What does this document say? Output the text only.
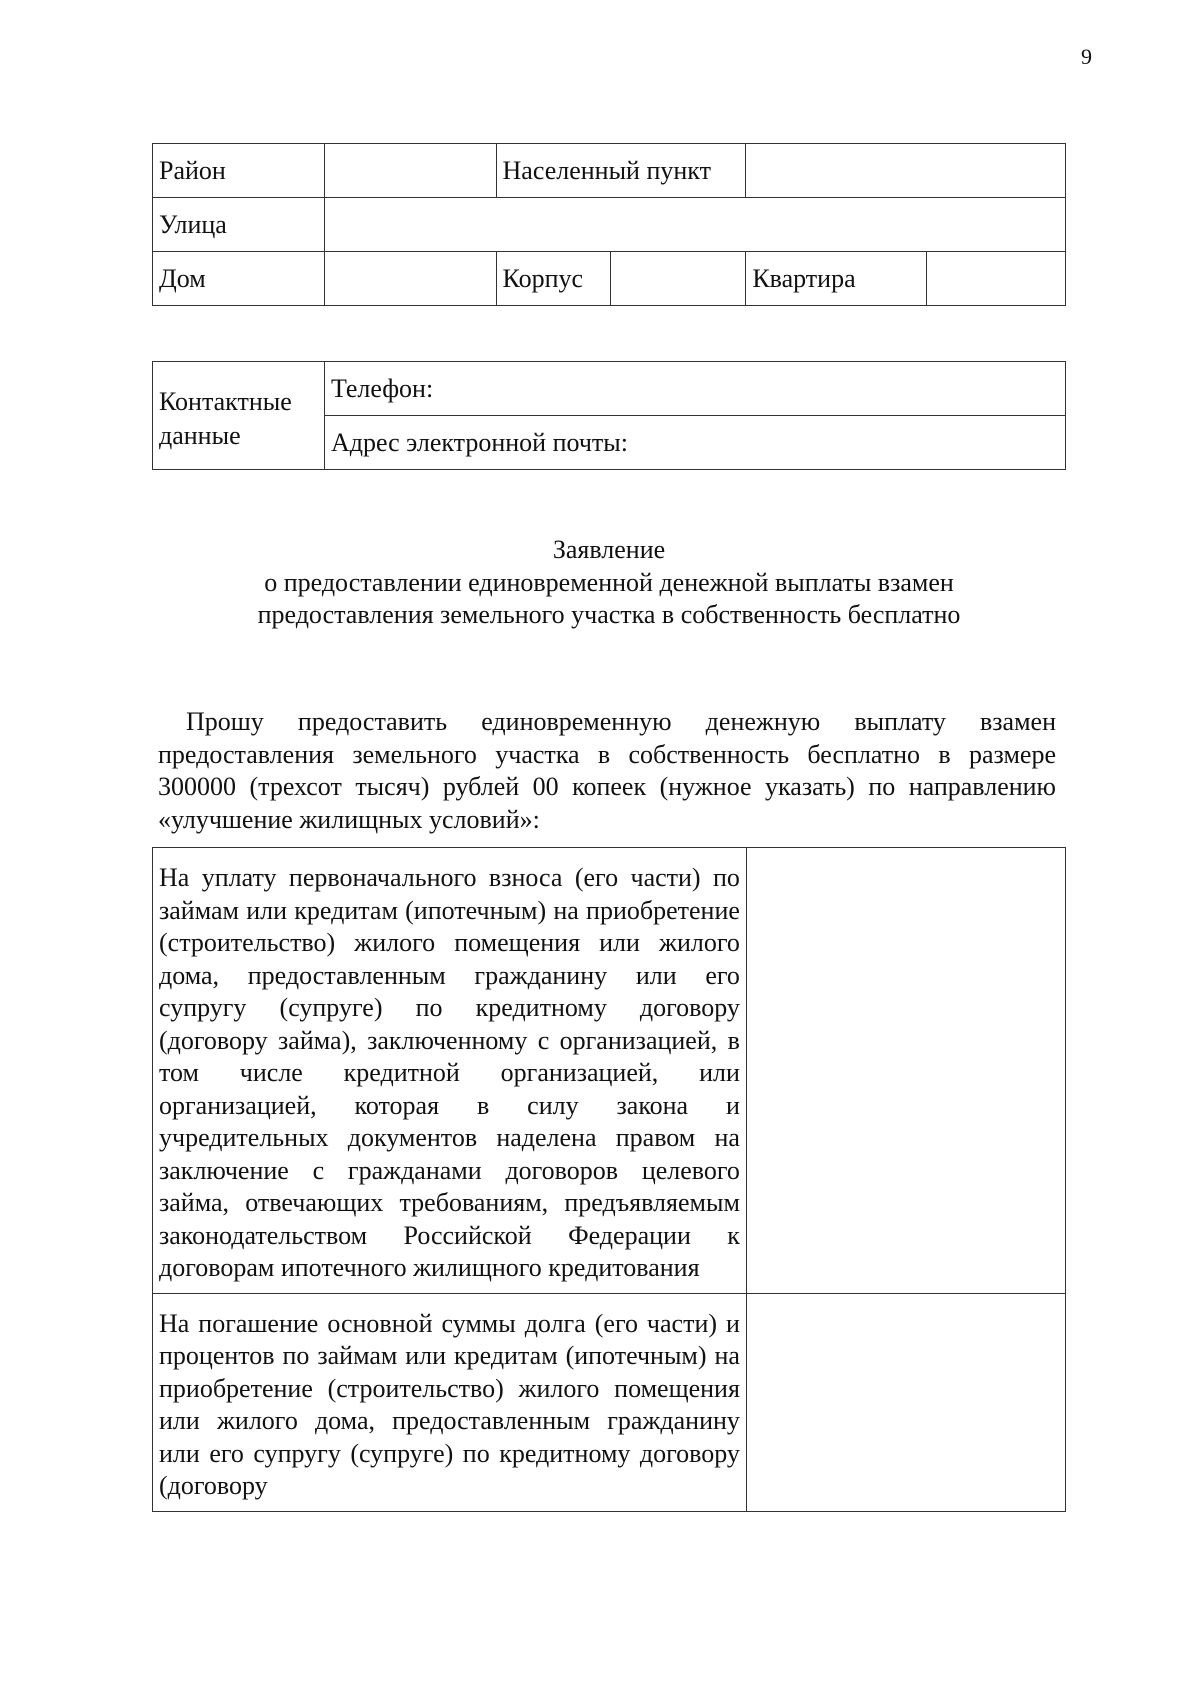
9
Район		Населенный пункт			
Улица					
Дом		Корпус		Квартира	
Контактные данные	Телефон:
Адрес электронной почты:
Заявление
о предоставлении единовременной денежной выплаты взамен
предоставления земельного участка в собственность бесплатно

Прошу предоставить единовременную денежную выплату взамен предоставления земельного участка в собственность бесплатно в размере 300000 (трехсот тысяч) рублей 00 копеек (нужное указать) по направлению «улучшение жилищных условий»:

На уплату первоначального взноса (его части) по займам или кредитам (ипотечным) на приобретение (строительство) жилого помещения или жилого дома, предоставленным гражданину или его супругу (супруге) по кредитному договору (договору займа), заключенному с организацией, в том числе кредитной организацией, или организацией, которая в силу закона и учредительных документов наделена правом на заключение с гражданами договоров целевого займа, отвечающих требованиям, предъявляемым законодательством Российской Федерации к договорам ипотечного жилищного кредитования	
На погашение основной суммы долга (его части) и процентов по займам или кредитам (ипотечным) на приобретение (строительство) жилого помещения или жилого дома, предоставленным гражданину или его супругу (супруге) по кредитному договору (договору	
